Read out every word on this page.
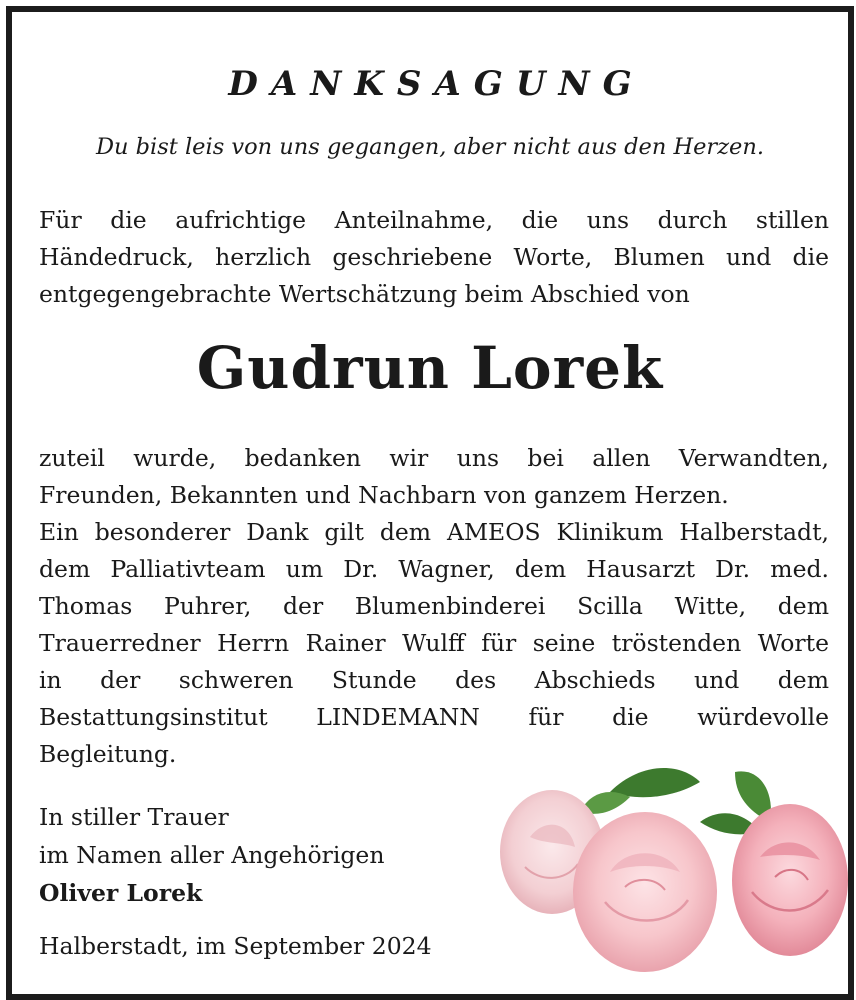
DANKSAGUNG
Du bist leis von uns gegangen, aber nicht aus den Herzen.
Für die aufrichtige Anteilnahme, die uns durch stillen
Händedruck, herzlich geschriebene Worte, Blumen und die
entgegengebrachte Wertschätzung beim Abschied von
Gudrun Lorek
zuteil wurde, bedanken wir uns bei allen Verwandten,
Freunden, Bekannten und Nachbarn von ganzem Herzen.
Ein besonderer Dank gilt dem AMEOS Klinikum Halberstadt,
dem Palliativteam um Dr. Wagner, dem Hausarzt Dr. med.
Thomas Puhrer, der Blumenbinderei Scilla Witte, dem
Trauerredner Herrn Rainer Wulff für seine tröstenden Worte
in der schweren Stunde des Abschieds und dem
Bestattungsinstitut LINDEMANN für die würdevolle
Begleitung.
In stiller Trauer
im Namen aller Angehörigen
Oliver Lorek
Halberstadt, im September 2024
